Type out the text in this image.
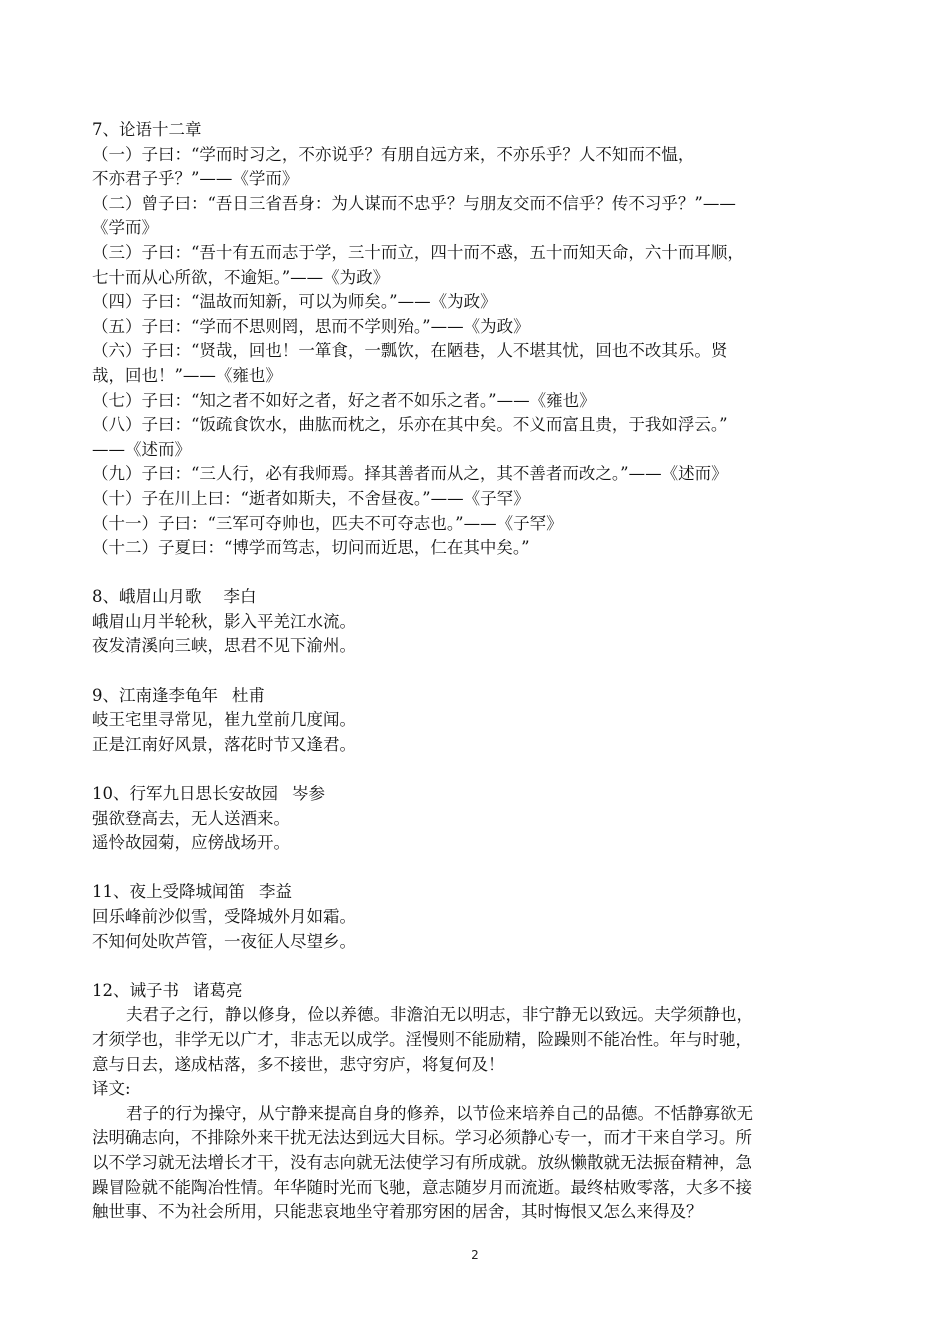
7、论语十二章
（一）子曰：“学而时习之，不亦说乎？有朋自远方来，不亦乐乎？人不知而不愠，
不亦君子乎？”——《学而》
（二）曾子曰：“吾日三省吾身：为人谋而不忠乎？与朋友交而不信乎？传不习乎？”——
《学而》
（三）子曰：“吾十有五而志于学，三十而立，四十而不惑，五十而知天命，六十而耳顺，
七十而从心所欲，不逾矩。”——《为政》
（四）子曰：“温故而知新，可以为师矣。”——《为政》
（五）子曰：“学而不思则罔，思而不学则殆。”——《为政》
（六）子曰：“贤哉，回也！一箪食，一瓢饮，在陋巷，人不堪其忧，回也不改其乐。贤
哉，回也！”——《雍也》
（七）子曰：“知之者不如好之者，好之者不如乐之者。”——《雍也》
（八）子曰：“饭疏食饮水，曲肱而枕之，乐亦在其中矣。不义而富且贵，于我如浮云。”
——《述而》
（九）子曰：“三人行，必有我师焉。择其善者而从之，其不善者而改之。”——《述而》
（十）子在川上曰：“逝者如斯夫，不舍昼夜。”——《子罕》
（十一）子曰：“三军可夺帅也，匹夫不可夺志也。”——《子罕》
（十二）子夏曰：“博学而笃志，切问而近思，仁在其中矣。”
8、峨眉山月歌 李白
峨眉山月半轮秋，影入平羌江水流。
夜发清溪向三峡，思君不见下渝州。
9、江南逢李龟年 杜甫
岐王宅里寻常见，崔九堂前几度闻。
正是江南好风景，落花时节又逢君。
10、行军九日思长安故园 岑参
强欲登高去，无人送酒来。
遥怜故园菊，应傍战场开。
11、夜上受降城闻笛 李益
回乐峰前沙似雪，受降城外月如霜。
不知何处吹芦管，一夜征人尽望乡。
12、诫子书 诸葛亮
夫君子之行，静以修身，俭以养德。非澹泊无以明志，非宁静无以致远。夫学须静也，
才须学也，非学无以广才，非志无以成学。淫慢则不能励精，险躁则不能冶性。年与时驰，
意与日去，遂成枯落，多不接世，悲守穷庐，将复何及！
译文:
君子的行为操守，从宁静来提高自身的修养，以节俭来培养自己的品德。不恬静寡欲无
法明确志向，不排除外来干扰无法达到远大目标。学习必须静心专一，而才干来自学习。所
以不学习就无法增长才干，没有志向就无法使学习有所成就。放纵懒散就无法振奋精神，急
躁冒险就不能陶冶性情。年华随时光而飞驰，意志随岁月而流逝。最终枯败零落，大多不接
触世事、不为社会所用，只能悲哀地坐守着那穷困的居舍，其时悔恨又怎么来得及？
2
